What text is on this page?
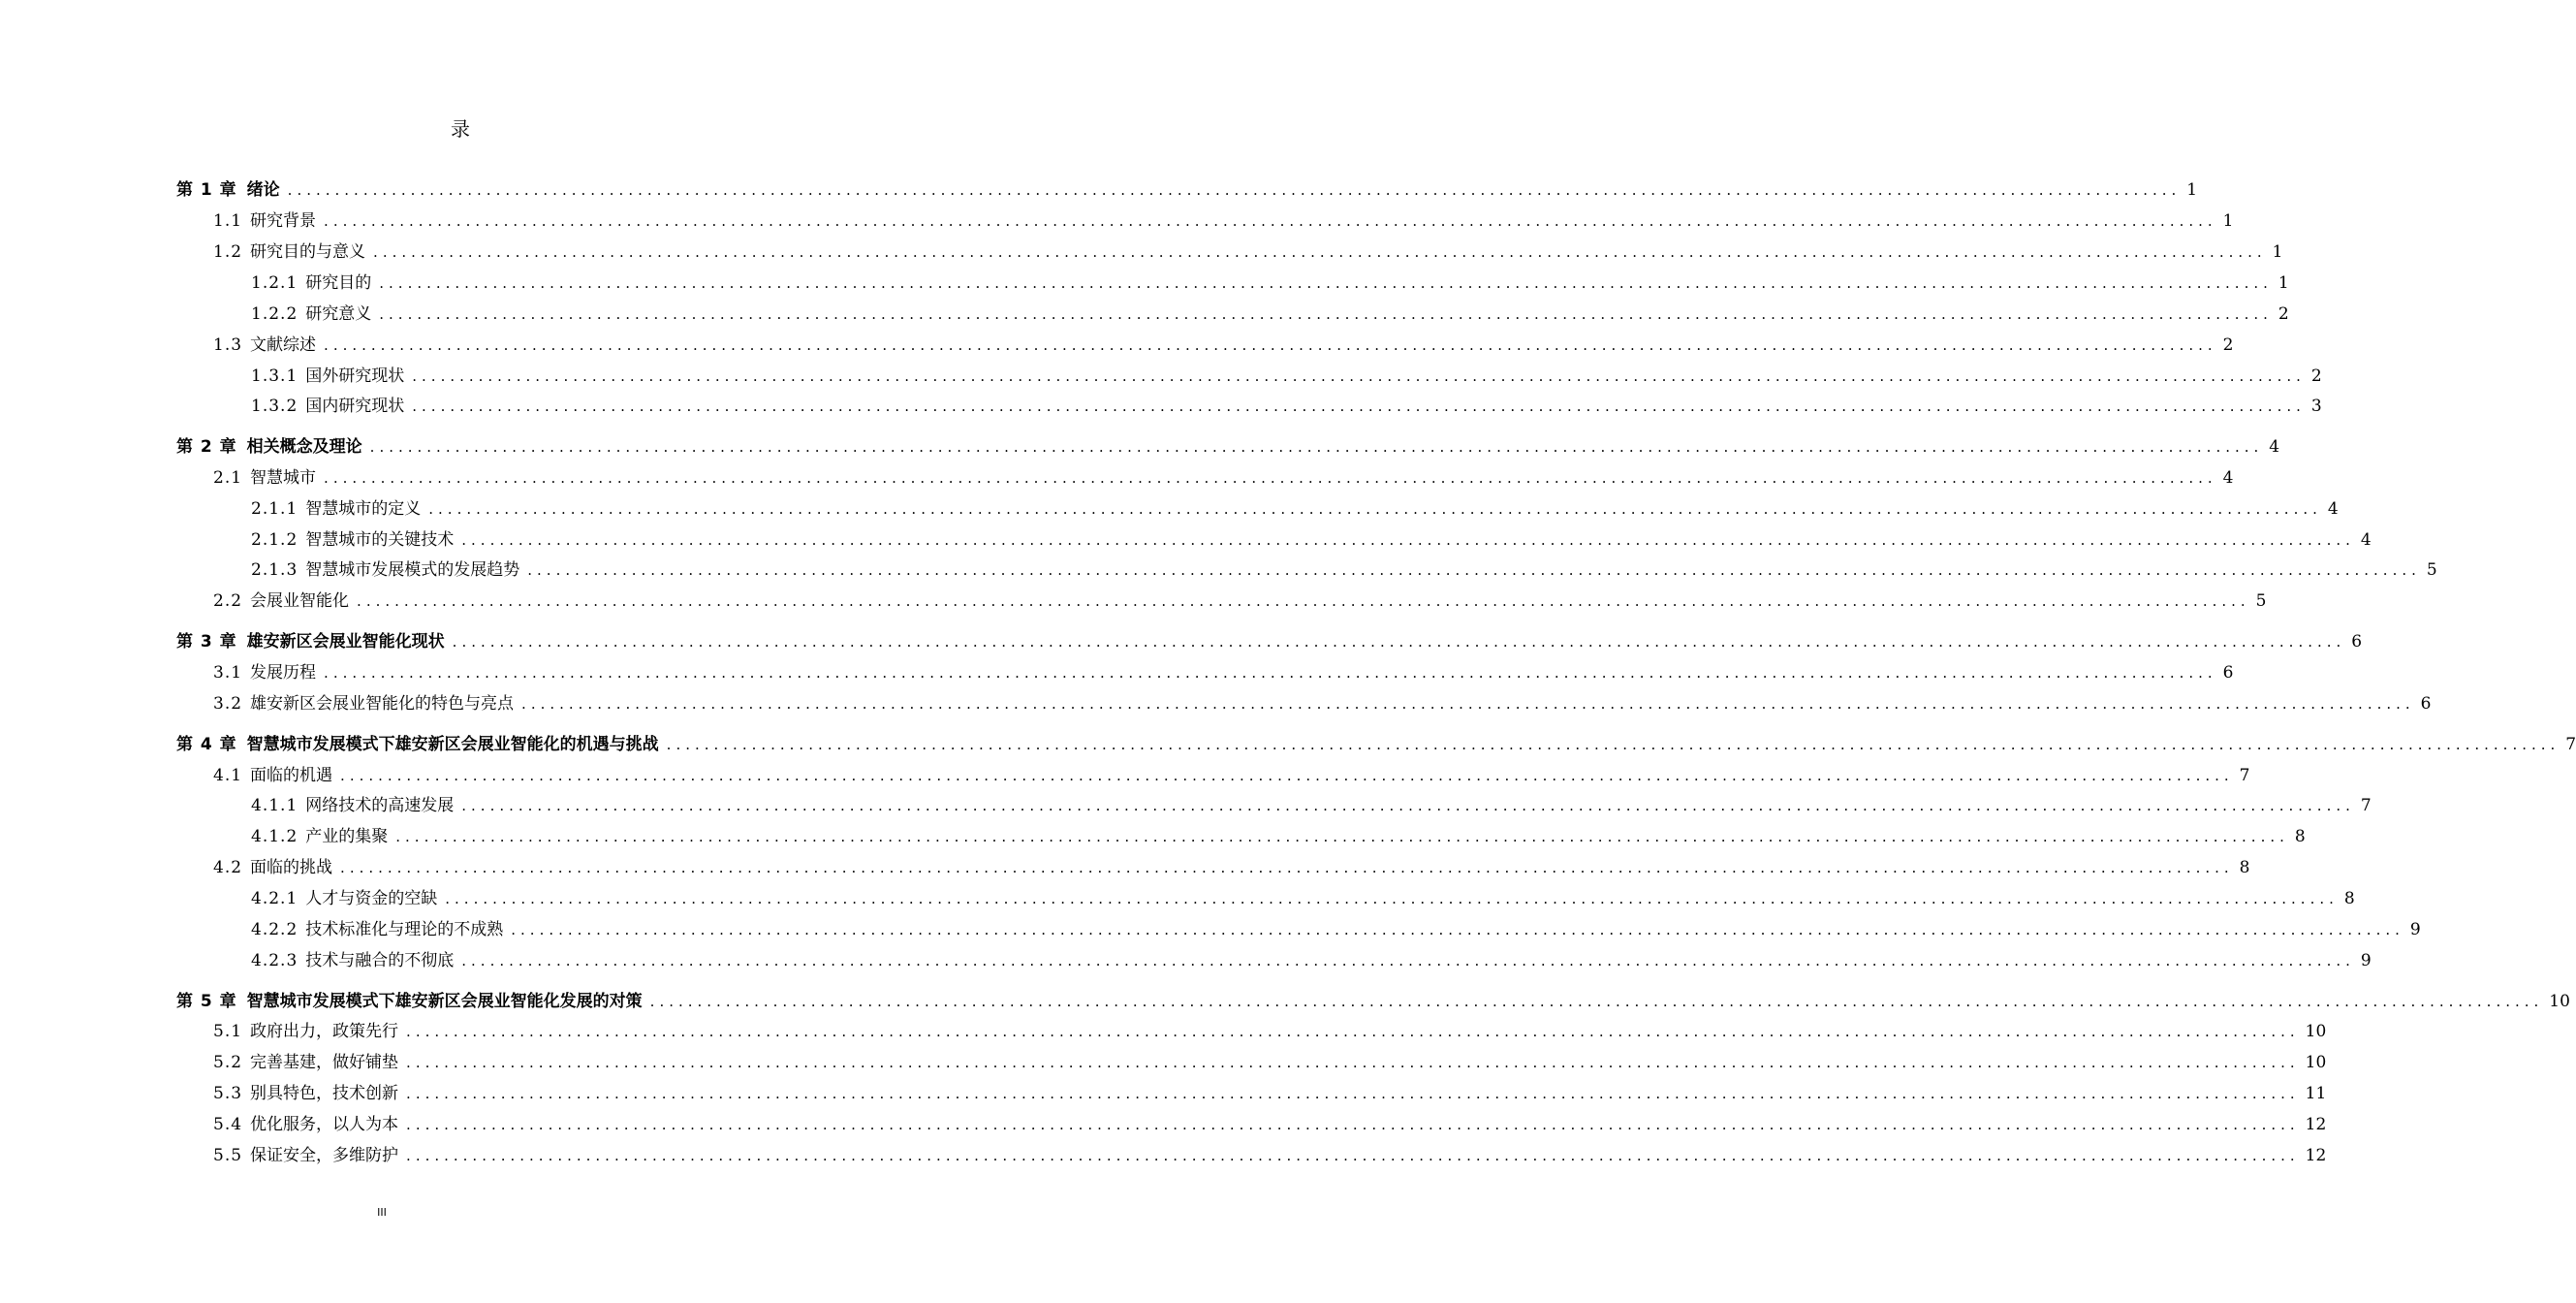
录
第 1 章 绪论 ........................................................................................................................................................................................................ 1
1.1 研究背景 ........................................................................................................................................................................................................ 1
1.2 研究目的与意义 ........................................................................................................................................................................................................ 1
1.2.1 研究目的 ........................................................................................................................................................................................................ 1
1.2.2 研究意义 ........................................................................................................................................................................................................ 2
1.3 文献综述 ........................................................................................................................................................................................................ 2
1.3.1 国外研究现状 ........................................................................................................................................................................................................ 2
1.3.2 国内研究现状 ........................................................................................................................................................................................................ 3
第 2 章 相关概念及理论 ........................................................................................................................................................................................................ 4
2.1 智慧城市 ........................................................................................................................................................................................................ 4
2.1.1 智慧城市的定义 ........................................................................................................................................................................................................ 4
2.1.2 智慧城市的关键技术 ........................................................................................................................................................................................................ 4
2.1.3 智慧城市发展模式的发展趋势 ........................................................................................................................................................................................................ 5
2.2 会展业智能化 ........................................................................................................................................................................................................ 5
第 3 章 雄安新区会展业智能化现状 ........................................................................................................................................................................................................ 6
3.1 发展历程 ........................................................................................................................................................................................................ 6
3.2 雄安新区会展业智能化的特色与亮点 ........................................................................................................................................................................................................ 6
第 4 章 智慧城市发展模式下雄安新区会展业智能化的机遇与挑战 ........................................................................................................................................................................................................ 7
4.1 面临的机遇 ........................................................................................................................................................................................................ 7
4.1.1 网络技术的高速发展 ........................................................................................................................................................................................................ 7
4.1.2 产业的集聚 ........................................................................................................................................................................................................ 8
4.2 面临的挑战 ........................................................................................................................................................................................................ 8
4.2.1 人才与资金的空缺 ........................................................................................................................................................................................................ 8
4.2.2 技术标准化与理论的不成熟 ........................................................................................................................................................................................................ 9
4.2.3 技术与融合的不彻底 ........................................................................................................................................................................................................ 9
第 5 章 智慧城市发展模式下雄安新区会展业智能化发展的对策 ........................................................................................................................................................................................................ 10
5.1 政府出力，政策先行 ........................................................................................................................................................................................................ 10
5.2 完善基建，做好铺垫 ........................................................................................................................................................................................................ 10
5.3 别具特色，技术创新 ........................................................................................................................................................................................................ 11
5.4 优化服务，以人为本 ........................................................................................................................................................................................................ 12
5.5 保证安全，多维防护 ........................................................................................................................................................................................................ 12
III
